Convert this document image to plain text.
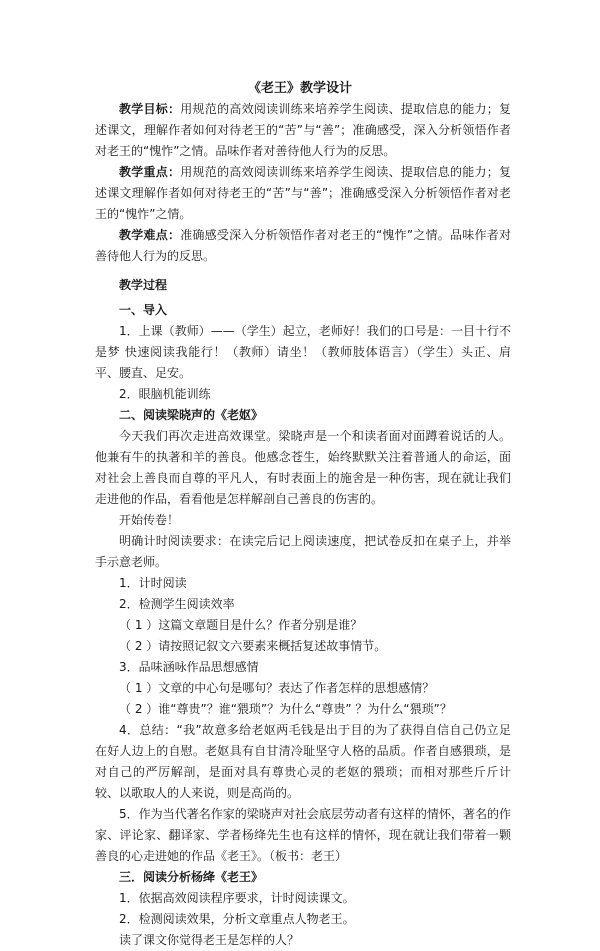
《老王》教学设计

教学目标：用规范的高效阅读训练来培养学生阅读、提取信息的能力；复述课文，理解作者如何对待老王的“苦”与“善”；准确感受，深入分析领悟作者对老王的“愧怍”之情。品味作者对善待他人行为的反思。

教学重点：用规范的高效阅读训练来培养学生阅读、提取信息的能力；复述课文理解作者如何对待老王的“苦”与“善”；准确感受深入分析领悟作者对老王的“愧怍”之情。

教学难点：准确感受深入分析领悟作者对老王的“愧怍”之情。品味作者对善待他人行为的反思。

教学过程

一、导入

1．上课（教师）——（学生）起立，老师好！我们的口号是：一目十行不是梦 快速阅读我能行！（教师）请坐！（教师肢体语言）（学生）头正、肩平、腰直、足安。

2．眼脑机能训练

二、阅读梁晓声的《老妪》

今天我们再次走进高效课堂。梁晓声是一个和读者面对面蹲着说话的人。他兼有牛的执著和羊的善良。他感念苍生，始终默默关注着普通人的命运，面对社会上善良而自尊的平凡人，有时表面上的施舍是一种伤害，现在就让我们走进他的作品，看看他是怎样解剖自己善良的伤害的。

开始传卷！

明确计时阅读要求：在读完后记上阅读速度，把试卷反扣在桌子上，并举手示意老师。

1．计时阅读

2．检测学生阅读效率

（ 1 ）这篇文章题目是什么？作者分别是谁？

（ 2 ）请按照记叙文六要素来概括复述故事情节。

3．品味涵咏作品思想感情

（ 1 ）文章的中心句是哪句？表达了作者怎样的思想感情？

（ 2 ）谁“尊贵”？谁“猥琐”？为什么“尊贵” ？为什么“猥琐”？

4．总结：“我”故意多给老妪两毛钱是出于目的为了获得自信自己仍立足在好人边上的自慰。老妪具有自甘清冷耻坚守人格的品质。作者自感猥琐，是对自己的严厉解剖，是面对具有尊贵心灵的老妪的猥琐；而相对那些斤斤计较、以歌取人的人来说，则是高尚的。

5．作为当代著名作家的梁晓声对社会底层劳动者有这样的情怀，著名的作家、评论家、翻译家、学者杨绛先生也有这样的情怀，现在就让我们带着一颗善良的心走进她的作品《老王》。（板书：老王）

三．阅读分析杨绛《老王》

1．依据高效阅读程序要求，计时阅读课文。

2．检测阅读效果，分析文章重点人物老王。

读了课文你觉得老王是怎样的人？
